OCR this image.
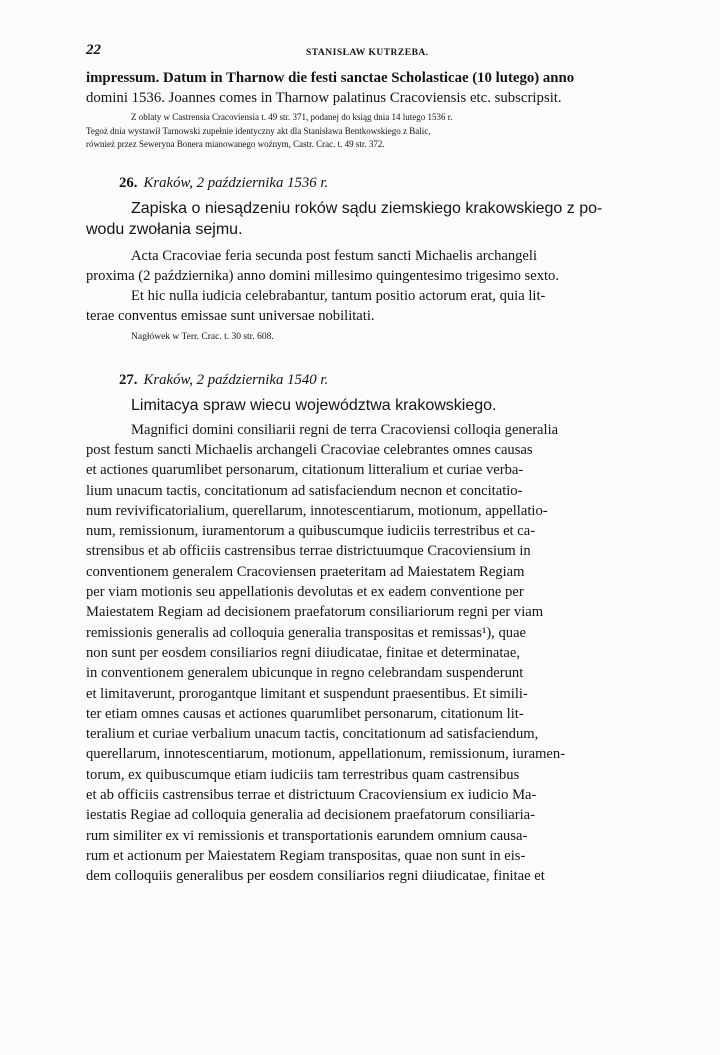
22	STANISŁAW KUTRZEBA.
impressum. Datum in Tharnow die festi sanctae Scholasticae (10 lutego) anno
domini 1536. Joannes comes in Tharnow palatinus Cracoviensis etc. subscripsit.
Z oblaty w Castrensia Cracoviensia t. 49 str. 371, podanej do ksiąg dnia 14 lutego 1536 r.
Tegoż dnia wystawił Tarnowski zupełnie identyczny akt dla Stanisława Bentkowskiego z Balic,
również przez Seweryna Bonera mianowanego woźnym, Castr. Crac. t. 49 str. 372.
26. Kraków, 2 października 1536 r.
Zapiska o niesądzeniu roków sądu ziemskiego krakowskiego z po-
wodu zwołania sejmu.
Acta Cracoviae feria secunda post festum sancti Michaelis archangeli
proxima (2 października) anno domini millesimo quingentesimo trigesimo sexto.
Et hic nulla iudicia celebrabantur, tantum positio actorum erat, quia lit-
terae conventus emissae sunt universae nobilitati.
Nagłówek w Terr. Crac. t. 30 str. 608.
27. Kraków, 2 października 1540 r.
Limitacya spraw wiecu województwa krakowskiego.
Magnifici domini consiliarii regni de terra Cracoviensi colloqia generalia
post festum sancti Michaelis archangeli Cracoviae celebrantes omnes causas
et actiones quarumlibet personarum, citationum litteralium et curiae verba-
lium unacum tactis, concitationum ad satisfaciendum necnon et concitatio-
num revivificatorialium, querellarum, innotescentiarum, motionum, appellatio-
num, remissionum, iuramentorum a quibuscumque iudiciis terrestribus et ca-
strensibus et ab officiis castrensibus terrae districtuumque Cracoviensium in
conventionem generalem Cracoviensen praeteritam ad Maiestatem Regiam
per viam motionis seu appellationis devolutas et ex eadem conventione per
Maiestatem Regiam ad decisionem praefatorum consiliariorum regni per viam
remissionis generalis ad colloquia generalia transpositas et remissas¹), quae
non sunt per eosdem consiliarios regni diiudicatae, finitae et determinatae,
in conventionem generalem ubicunque in regno celebrandam suspenderunt
et limitaverunt, prorogantque limitant et suspendunt praesentibus. Et simili-
ter etiam omnes causas et actiones quarumlibet personarum, citationum lit-
teralium et curiae verbalium unacum tactis, concitationum ad satisfaciendum,
querellarum, innotescentiarum, motionum, appellationum, remissionum, iuramen-
torum, ex quibuscumque etiam iudiciis tam terrestribus quam castrensibus
et ab officiis castrensibus terrae et districtuum Cracoviensium ex iudicio Ma-
iestatis Regiae ad colloquia generalia ad decisionem praefatorum consiliaria-
rum similiter ex vi remissionis et transportationis earundem omnium causa-
rum et actionum per Maiestatem Regiam transpositas, quae non sunt in eis-
dem colloquiis generalibus per eosdem consiliarios regni diiudicatae, finitae et
